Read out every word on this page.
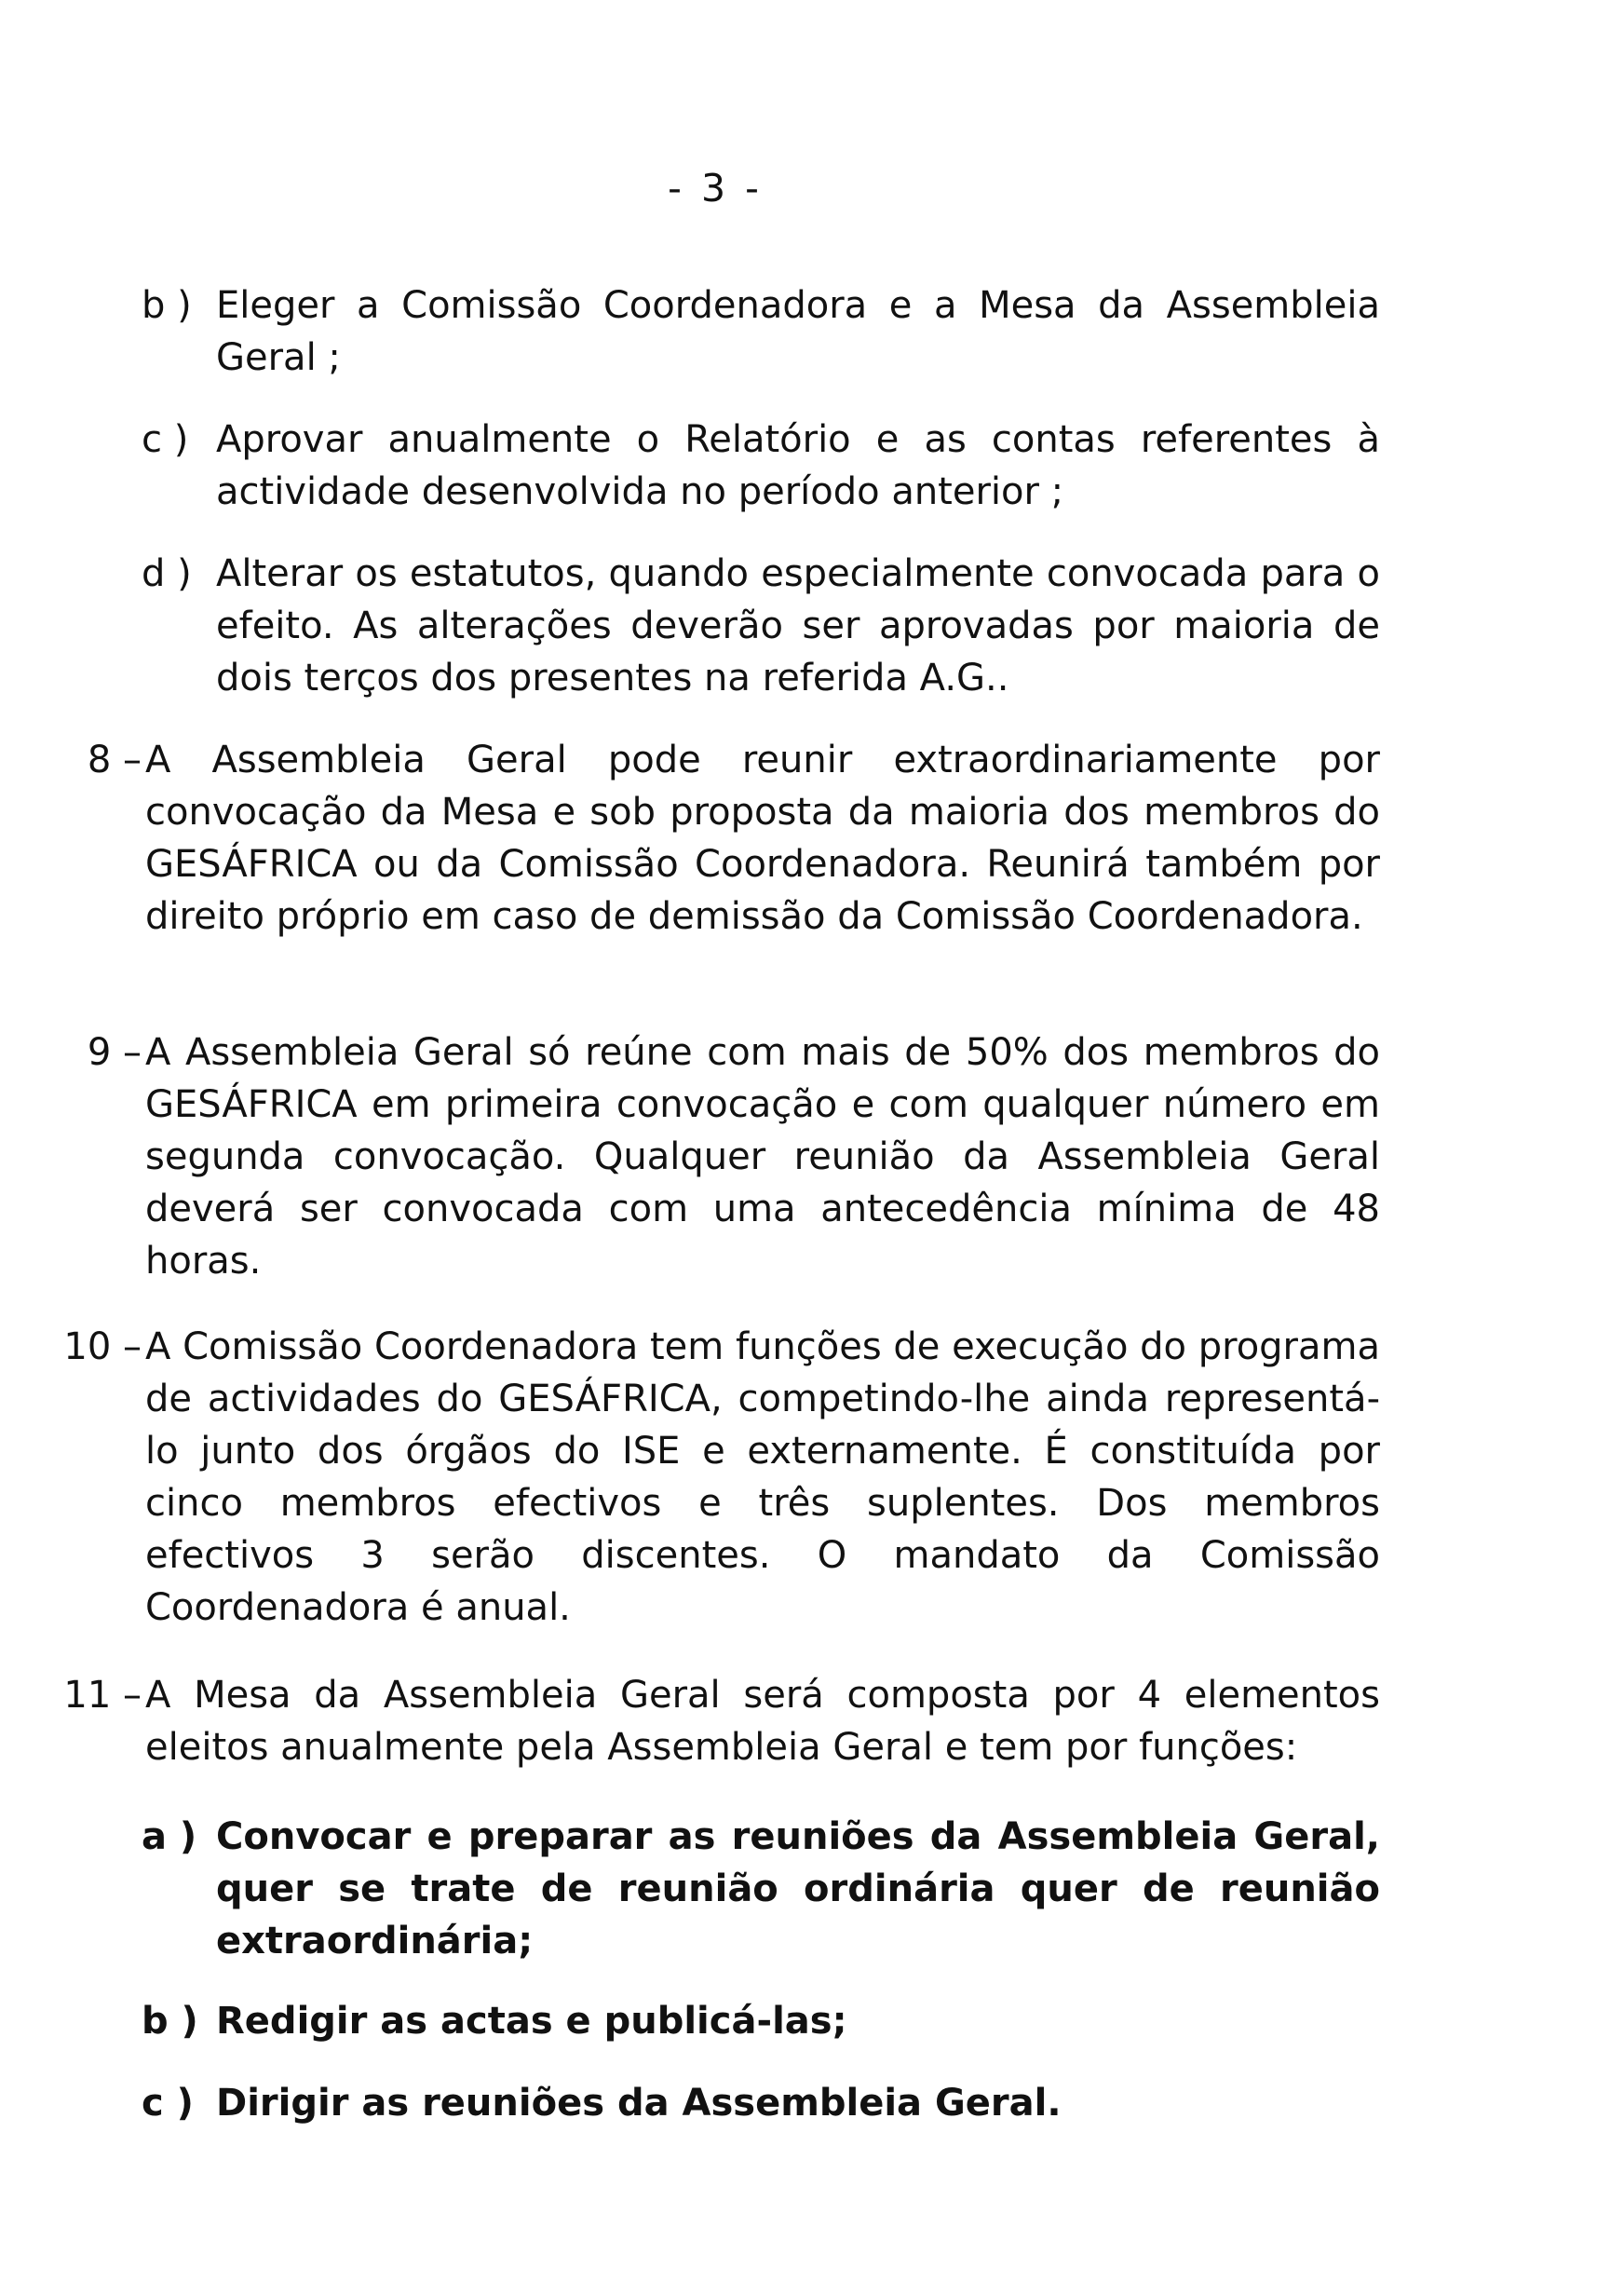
- 3 -
b ) Eleger a Comissão Coordenadora e a Mesa da Assembleia Geral ;
c ) Aprovar anualmente o Relatório e as contas referentes à actividade desenvolvida no período anterior ;
d ) Alterar os estatutos, quando especialmente convocada para o efeito. As alterações deverão ser aprovadas por maioria de dois terços dos presentes na referida A.G..
8 – A Assembleia Geral pode reunir extraordinariamente por convocação da Mesa e sob proposta da maioria dos membros do GESÁFRICA ou da Comissão Coordenadora. Reunirá também por direito próprio em caso de demissão da Comissão Coordenadora.
9 – A Assembleia Geral só reúne com mais de 50% dos membros do GESÁFRICA em primeira convocação e com qualquer número em segunda convocação. Qualquer reunião da Assembleia Geral deverá ser convocada com uma antecedência mínima de 48 horas.
10 – A Comissão Coordenadora tem funções de execução do programa de actividades do GESÁFRICA, competindo-lhe ainda representá-lo junto dos órgãos do ISE e externamente. É constituída por cinco membros efectivos e três suplentes. Dos membros efectivos 3 serão discentes. O mandato da Comissão Coordenadora é anual.
11 – A Mesa da Assembleia Geral será composta por 4 elementos eleitos anualmente pela Assembleia Geral e tem por funções:
a ) Convocar e preparar as reuniões da Assembleia Geral, quer se trate de reunião ordinária quer de reunião extraordinária;
b ) Redigir as actas e publicá-las;
c ) Dirigir as reuniões da Assembleia Geral.
